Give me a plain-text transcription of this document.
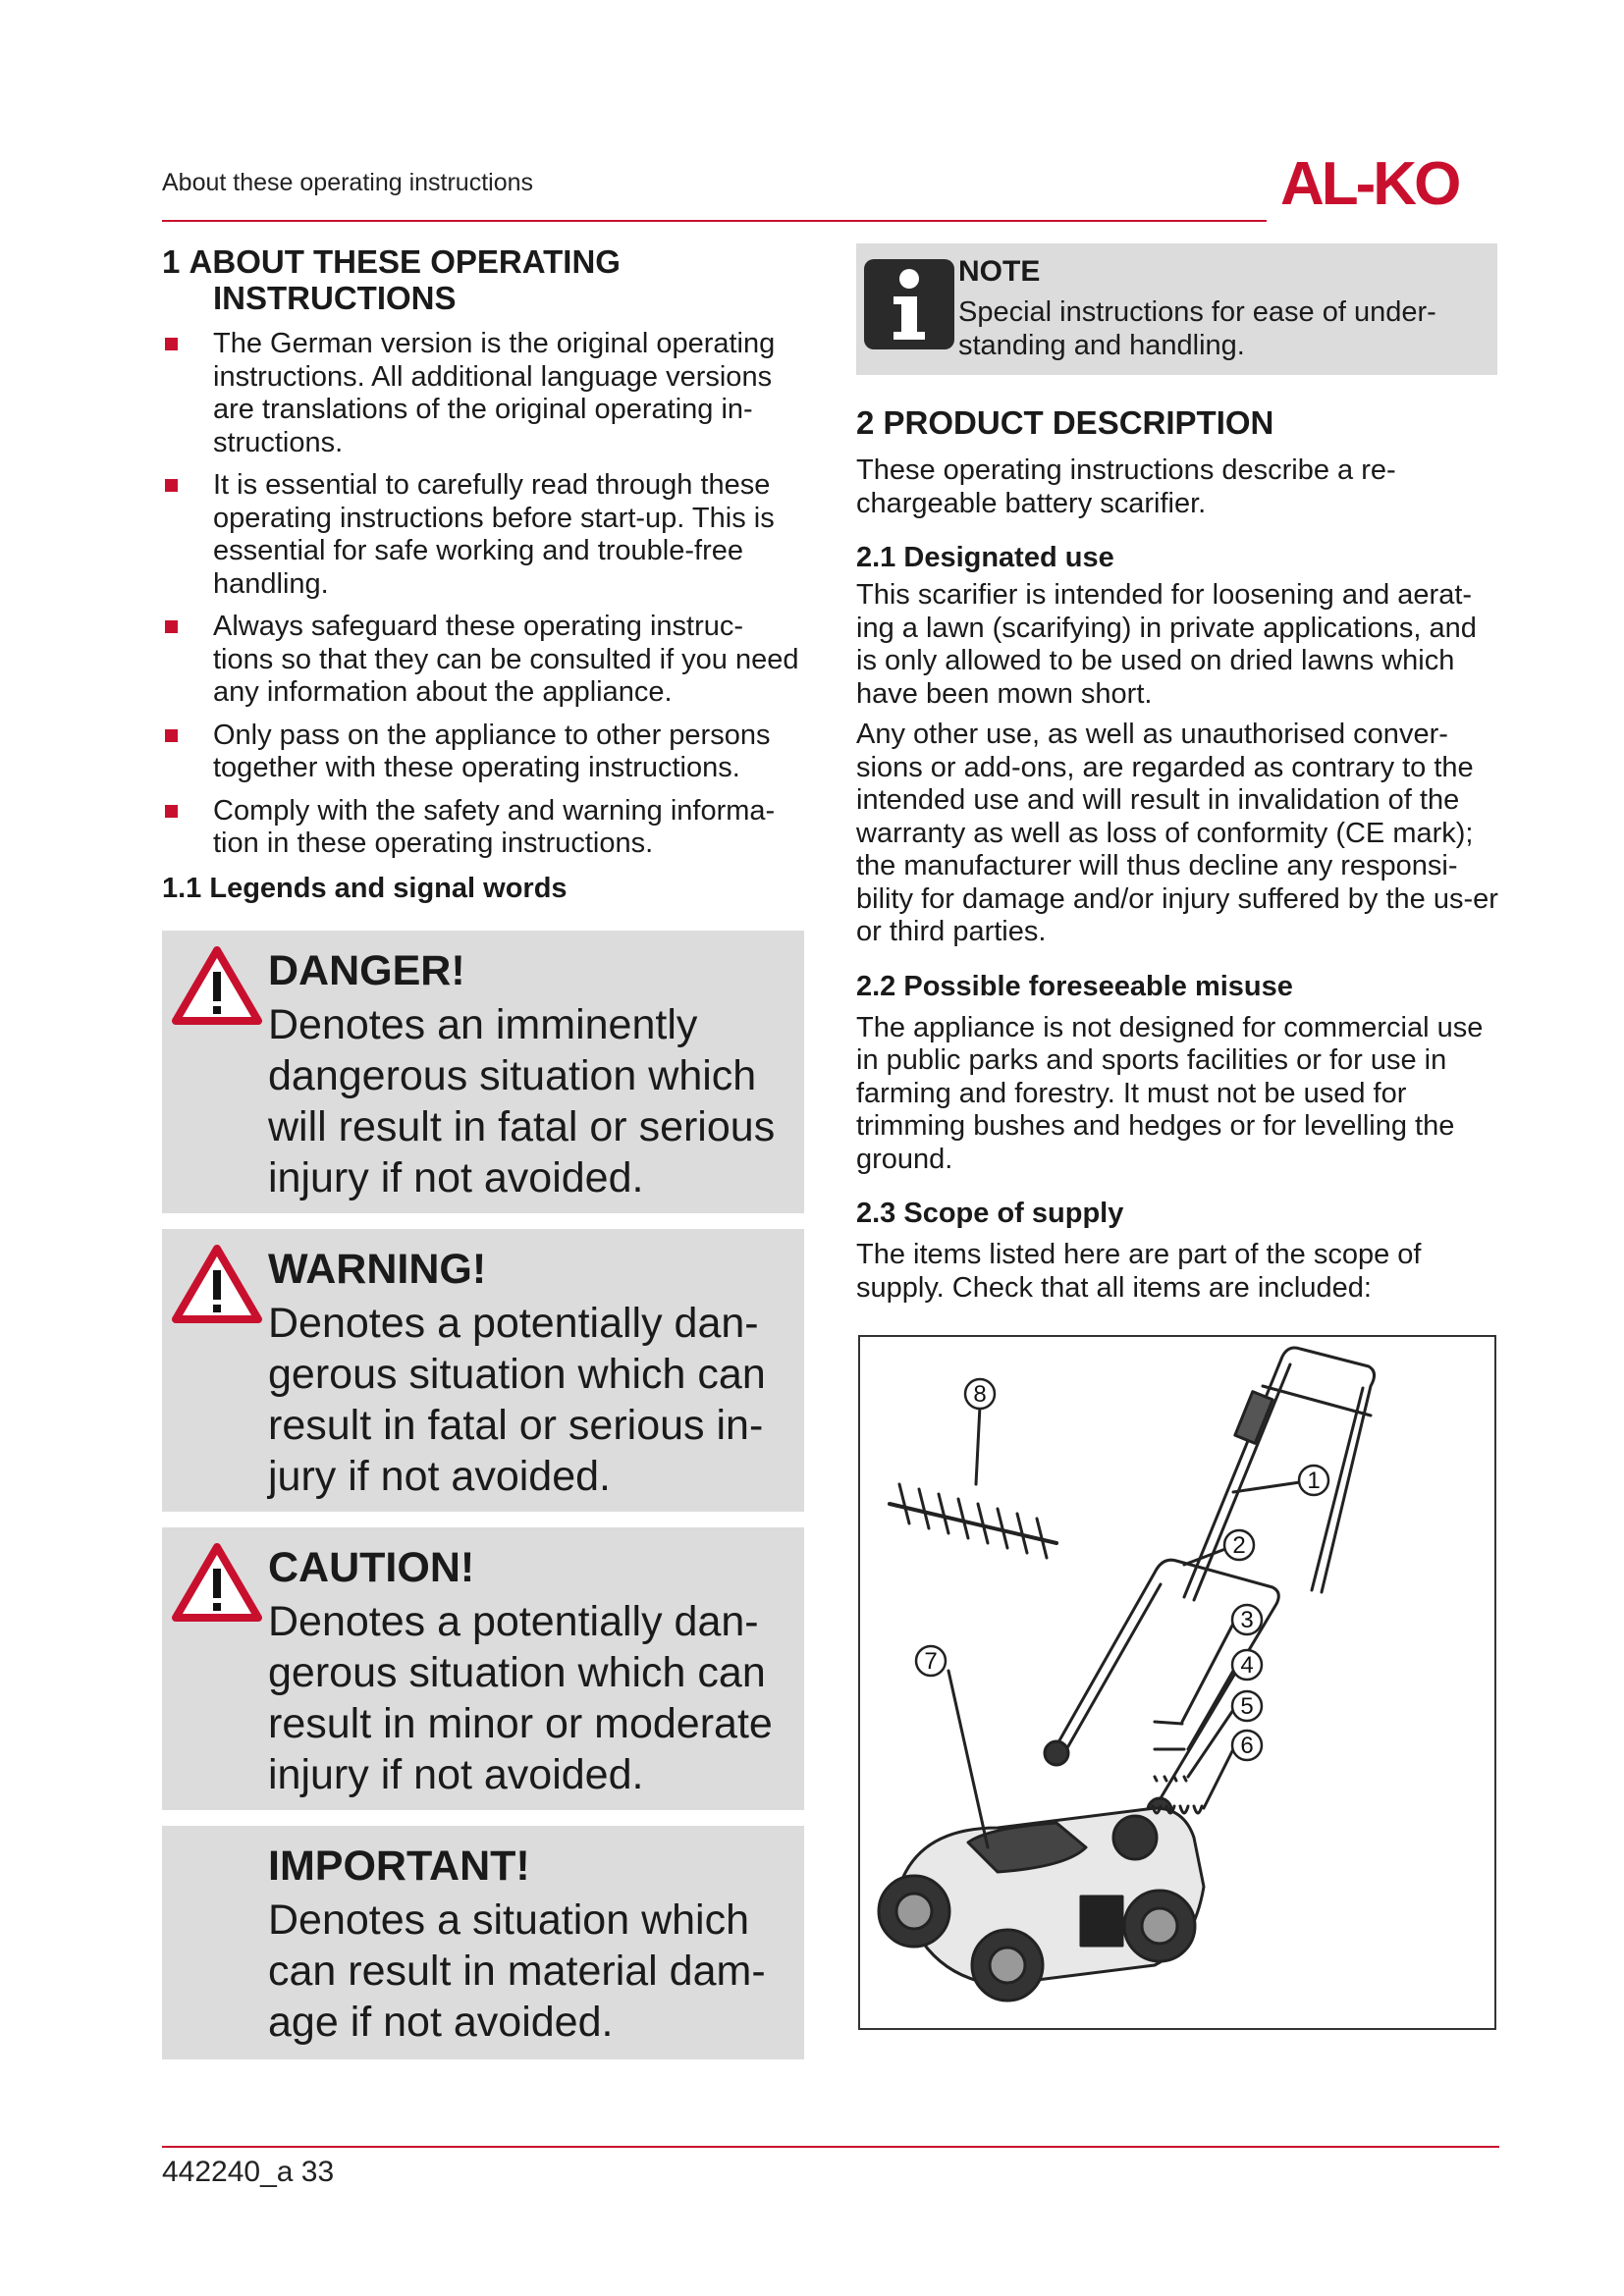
About these operating instructions	AL-KO
1 ABOUT THESE OPERATING
INSTRUCTIONS
The German version is the original operating instructions. All additional language versions are translations of the original operating in-structions.
It is essential to carefully read through these operating instructions before start-up. This is essential for safe working and trouble-free handling.
Always safeguard these operating instruc-tions so that they can be consulted if you need any information about the appliance.
Only pass on the appliance to other persons together with these operating instructions.
Comply with the safety and warning informa-tion in these operating instructions.
1.1 Legends and signal words
DANGER!
Denotes an imminently dangerous situation which will result in fatal or serious injury if not avoided.
WARNING!
Denotes a potentially dan-gerous situation which can result in fatal or serious in-jury if not avoided.
CAUTION!
Denotes a potentially dan-gerous situation which can result in minor or moderate injury if not avoided.
IMPORTANT!
Denotes a situation which can result in material dam-age if not avoided.
NOTE
Special instructions for ease of under-standing and handling.
2 PRODUCT DESCRIPTION

These operating instructions describe a re-chargeable battery scarifier.

2.1 Designated use

This scarifier is intended for loosening and aerat-ing a lawn (scarifying) in private applications, and is only allowed to be used on dried lawns which have been mown short.

Any other use, as well as unauthorised conver-sions or add-ons, are regarded as contrary to the intended use and will result in invalidation of the warranty as well as loss of conformity (CE mark); the manufacturer will thus decline any responsi-bility for damage and/or injury suffered by the us-er or third parties.

2.2 Possible foreseeable misuse

The appliance is not designed for commercial use in public parks and sports facilities or for use in farming and forestry. It must not be used for trimming bushes and hedges or for levelling the ground.

2.3 Scope of supply

The items listed here are part of the scope of supply. Check that all items are included:

1
2
3
4
5
6
7
8
442240_a 33
